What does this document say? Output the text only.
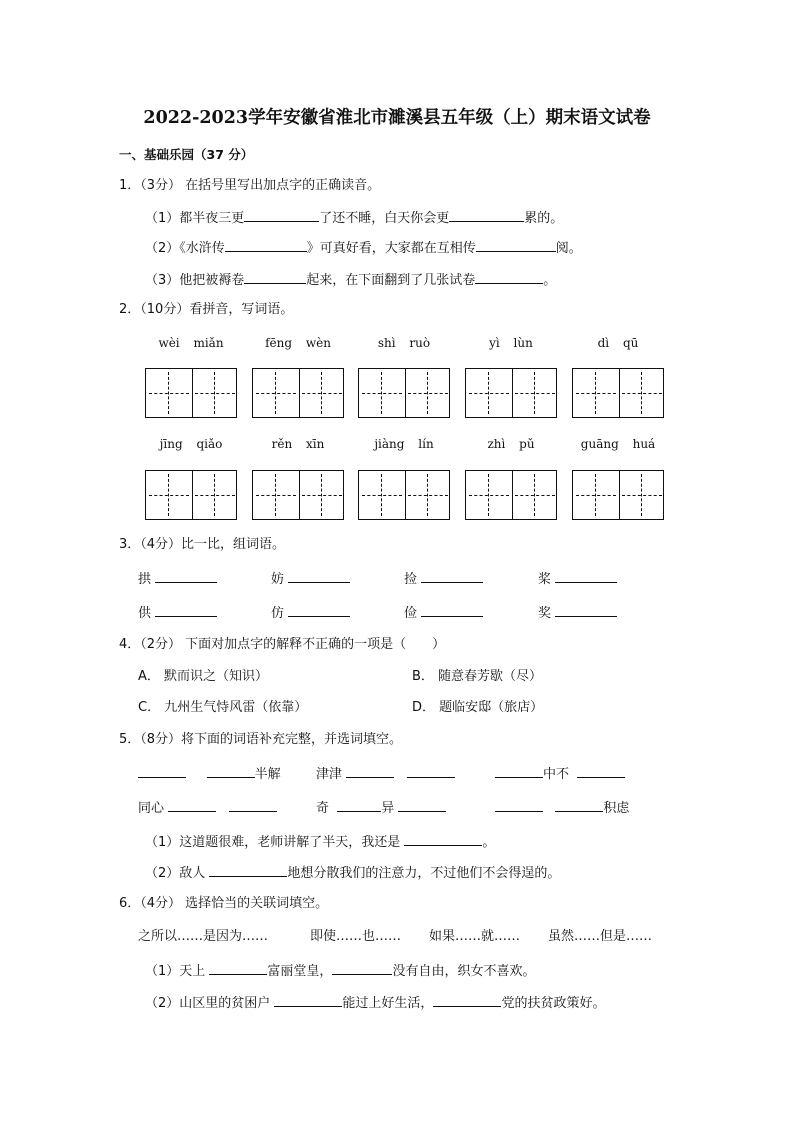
2022-2023学年安徽省淮北市濉溪县五年级（上）期末语文试卷
一、基础乐园（37 分）
1．（3分） 在括号里写出加点字的正确读音。
（1）都半夜三更	了还不睡，白天你会更	累的。
（2）《水浒传	》可真好看，大家都在互相传	阅。
（3）他把被褥卷	起来，在下面翻到了几张试卷	。
2．（10分）看拼音，写词语。
wèi miǎn	fēng wèn	shì ruò	yì lùn	dì qū
jīng qiǎo	rěn xīn	jiàng lín	zhì pǔ	guāng huá
3．（4分）比一比，组词语。
拱	妨	捡	桨
供	仿	俭	奖
4．（2分） 下面对加点字的解释不正确的一项是（　　）
A． 默而识之（知识）	B． 随意春芳歇（尽）
C． 九州生气恃风雷（依靠）	D． 题临安邸（旅店）
5．（8分）将下面的词语补充完整，并选词填空。
半解	津津	中不
同心	奇	异	积虑
（1）这道题很难，老师讲解了半天，我还是	。
（2）敌人	地想分散我们的注意力，不过他们不会得逞的。
6．（4分） 选择恰当的关联词填空。
之所以……是因为……	即使……也…… 如果……就…… 虽然……但是……
（1）天上	富丽堂皇，	没有自由，织女不喜欢。
（2）山区里的贫困户	能过上好生活，	党的扶贫政策好。
